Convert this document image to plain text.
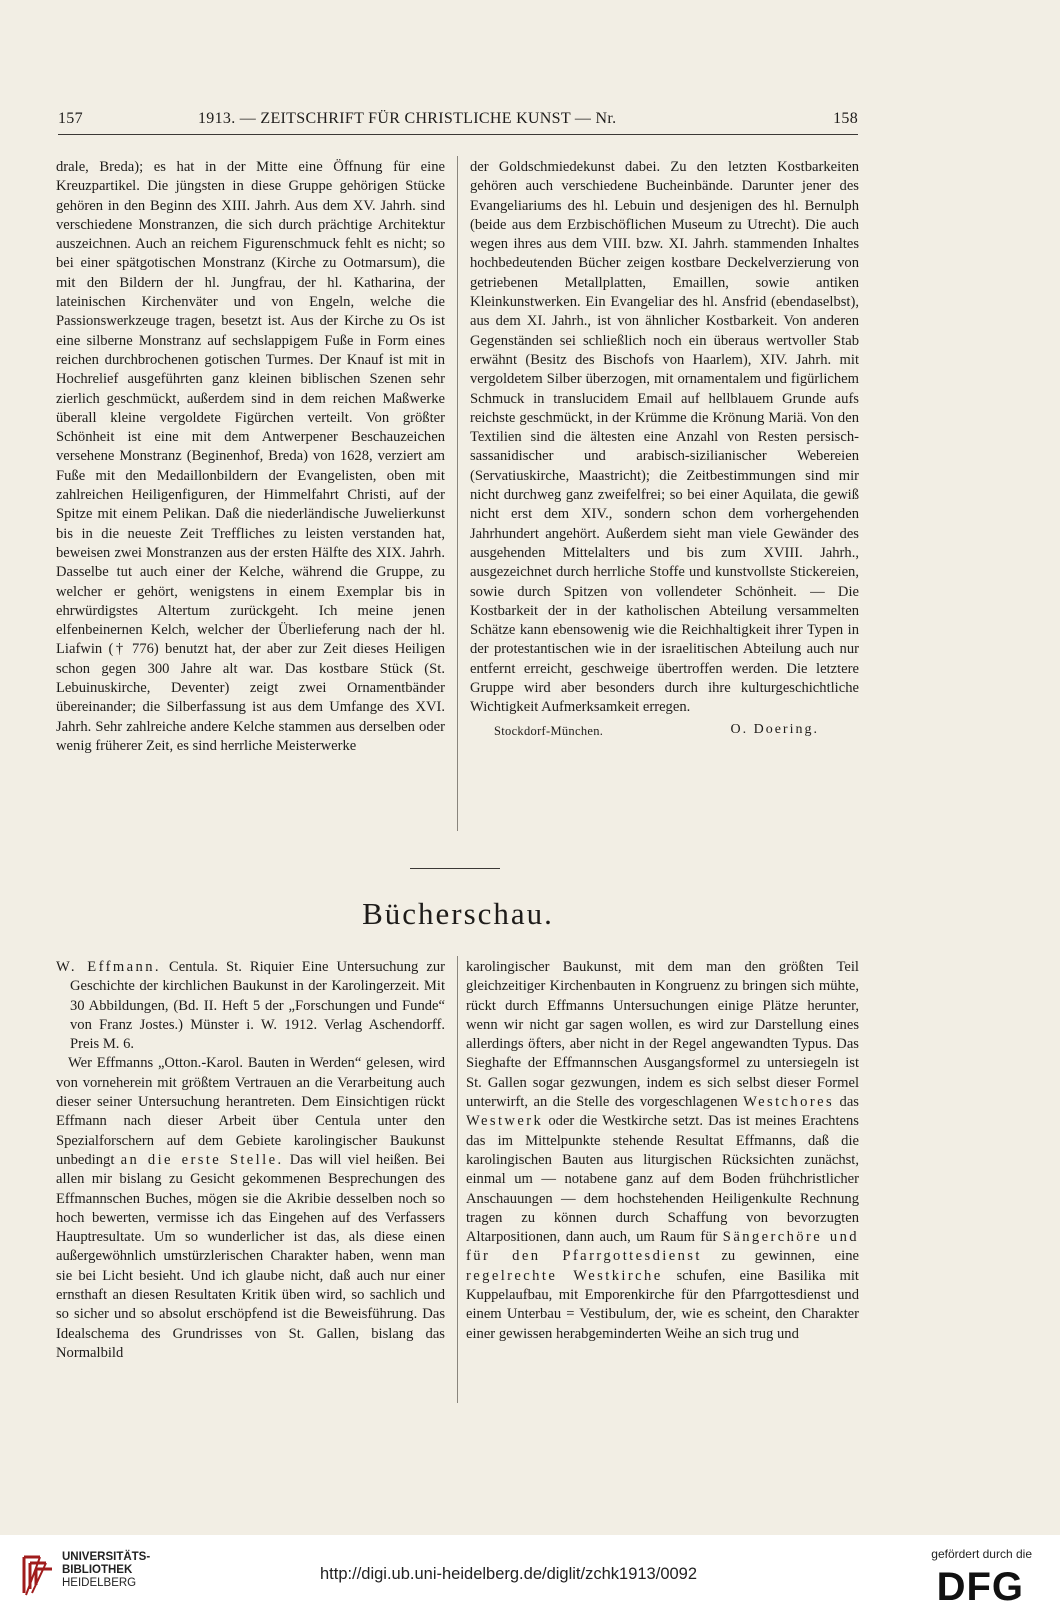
157	1913. — ZEITSCHRIFT FÜR CHRISTLICHE KUNST — Nr.	158

drale, Breda); es hat in der Mitte eine Öffnung für eine Kreuzpartikel. Die jüngsten in diese Gruppe gehörigen Stücke gehören in den Beginn des XIII. Jahrh. Aus dem XV. Jahrh. sind verschiedene Monstranzen, die sich durch prächtige Architektur auszeichnen. Auch an reichem Figurenschmuck fehlt es nicht; so bei einer spätgotischen Monstranz (Kirche zu Ootmarsum), die mit den Bildern der hl. Jungfrau, der hl. Katharina, der lateinischen Kirchenväter und von Engeln, welche die Passionswerkzeuge tragen, besetzt ist. Aus der Kirche zu Os ist eine silberne Monstranz auf sechslappigem Fuße in Form eines reichen durchbrochenen gotischen Turmes. Der Knauf ist mit in Hochrelief ausgeführten ganz kleinen biblischen Szenen sehr zierlich geschmückt, außerdem sind in dem reichen Maßwerke überall kleine vergoldete Figürchen verteilt. Von größter Schönheit ist eine mit dem Antwerpener Beschauzeichen versehene Monstranz (Beginenhof, Breda) von 1628, verziert am Fuße mit den Medaillonbildern der Evangelisten, oben mit zahlreichen Heiligenfiguren, der Himmelfahrt Christi, auf der Spitze mit einem Pelikan. Daß die niederländische Juwelierkunst bis in die neueste Zeit Treffliches zu leisten verstanden hat, beweisen zwei Monstranzen aus der ersten Hälfte des XIX. Jahrh. Dasselbe tut auch einer der Kelche, während die Gruppe, zu welcher er gehört, wenigstens in einem Exemplar bis in ehrwürdigstes Altertum zurückgeht. Ich meine jenen elfenbeinernen Kelch, welcher der Überlieferung nach der hl. Liafwin († 776) benutzt hat, der aber zur Zeit dieses Heiligen schon gegen 300 Jahre alt war. Das kostbare Stück (St. Lebuinuskirche, Deventer) zeigt zwei Ornamentbänder übereinander; die Silberfassung ist aus dem Umfange des XVI. Jahrh. Sehr zahlreiche andere Kelche stammen aus derselben oder wenig früherer Zeit, es sind herrliche Meisterwerke

der Goldschmiedekunst dabei. Zu den letzten Kostbarkeiten gehören auch verschiedene Bucheinbände. Darunter jener des Evangeliariums des hl. Lebuin und desjenigen des hl. Bernulph (beide aus dem Erzbischöflichen Museum zu Utrecht). Die auch wegen ihres aus dem VIII. bzw. XI. Jahrh. stammenden Inhaltes hochbedeutenden Bücher zeigen kostbare Deckelverzierung von getriebenen Metallplatten, Emaillen, sowie antiken Kleinkunstwerken. Ein Evangeliar des hl. Ansfrid (ebendaselbst), aus dem XI. Jahrh., ist von ähnlicher Kostbarkeit. Von anderen Gegenständen sei schließlich noch ein überaus wertvoller Stab erwähnt (Besitz des Bischofs von Haarlem), XIV. Jahrh. mit vergoldetem Silber überzogen, mit ornamentalem und figürlichem Schmuck in translucidem Email auf hellblauem Grunde aufs reichste geschmückt, in der Krümme die Krönung Mariä. Von den Textilien sind die ältesten eine Anzahl von Resten persisch-sassanidischer und arabisch-sizilianischer Webereien (Servatiuskirche, Maastricht); die Zeitbestimmungen sind mir nicht durchweg ganz zweifelfrei; so bei einer Aquilata, die gewiß nicht erst dem XIV., sondern schon dem vorhergehenden Jahrhundert angehört. Außerdem sieht man viele Gewänder des ausgehenden Mittelalters und bis zum XVIII. Jahrh., ausgezeichnet durch herrliche Stoffe und kunstvollste Stickereien, sowie durch Spitzen von vollendeter Schönheit. — Die Kostbarkeit der in der katholischen Abteilung versammelten Schätze kann ebensowenig wie die Reichhaltigkeit ihrer Typen in der protestantischen wie in der israelitischen Abteilung auch nur entfernt erreicht, geschweige übertroffen werden. Die letztere Gruppe wird aber besonders durch ihre kulturgeschichtliche Wichtigkeit Aufmerksamkeit erregen.

Stockdorf-München.	O. Doering.
Bücherschau.

W. Effmann. Centula. St. Riquier Eine Untersuchung zur Geschichte der kirchlichen Baukunst in der Karolingerzeit. Mit 30 Abbildungen, (Bd. II. Heft 5 der „Forschungen und Funde“ von Franz Jostes.) Münster i. W. 1912. Verlag Aschendorff. Preis M. 6.

Wer Effmanns „Otton.-Karol. Bauten in Werden“ gelesen, wird von vorneherein mit größtem Vertrauen an die Verarbeitung auch dieser seiner Untersuchung herantreten. Dem Einsichtigen rückt Effmann nach dieser Arbeit über Centula unter den Spezialforschern auf dem Gebiete karolingischer Baukunst unbedingt an die erste Stelle. Das will viel heißen. Bei allen mir bislang zu Gesicht gekommenen Besprechungen des Effmannschen Buches, mögen sie die Akribie desselben noch so hoch bewerten, vermisse ich das Eingehen auf des Verfassers Hauptresultate. Um so wunderlicher ist das, als diese einen außergewöhnlich umstürzlerischen Charakter haben, wenn man sie bei Licht besieht. Und ich glaube nicht, daß auch nur einer ernsthaft an diesen Resultaten Kritik üben wird, so sachlich und so sicher und so absolut erschöpfend ist die Beweisführung. Das Idealschema des Grundrisses von St. Gallen, bislang das Normalbild

karolingischer Baukunst, mit dem man den größten Teil gleichzeitiger Kirchenbauten in Kongruenz zu bringen sich mühte, rückt durch Effmanns Untersuchungen einige Plätze herunter, wenn wir nicht gar sagen wollen, es wird zur Darstellung eines allerdings öfters, aber nicht in der Regel angewandten Typus. Das Sieghafte der Effmannschen Ausgangsformel zu untersiegeln ist St. Gallen sogar gezwungen, indem es sich selbst dieser Formel unterwirft, an die Stelle des vorgeschlagenen Westchores das Westwerk oder die Westkirche setzt. Das ist meines Erachtens das im Mittelpunkte stehende Resultat Effmanns, daß die karolingischen Bauten aus liturgischen Rücksichten zunächst, einmal um — notabene ganz auf dem Boden frühchristlicher Anschauungen — dem hochstehenden Heiligenkulte Rechnung tragen zu können durch Schaffung von bevorzugten Altarpositionen, dann auch, um Raum für Sängerchöre und für den Pfarrgottesdienst zu gewinnen, eine regelrechte Westkirche schufen, eine Basilika mit Kuppelaufbau, mit Emporenkirche für den Pfarrgottesdienst und einem Unterbau = Vestibulum, der, wie es scheint, den Charakter einer gewissen herabgeminderten Weihe an sich trug und

UNIVERSITÄTS-
BIBLIOTHEK
HEIDELBERG	http://digi.ub.uni-heidelberg.de/diglit/zchk1913/0092
gefördert durch die
DFG
